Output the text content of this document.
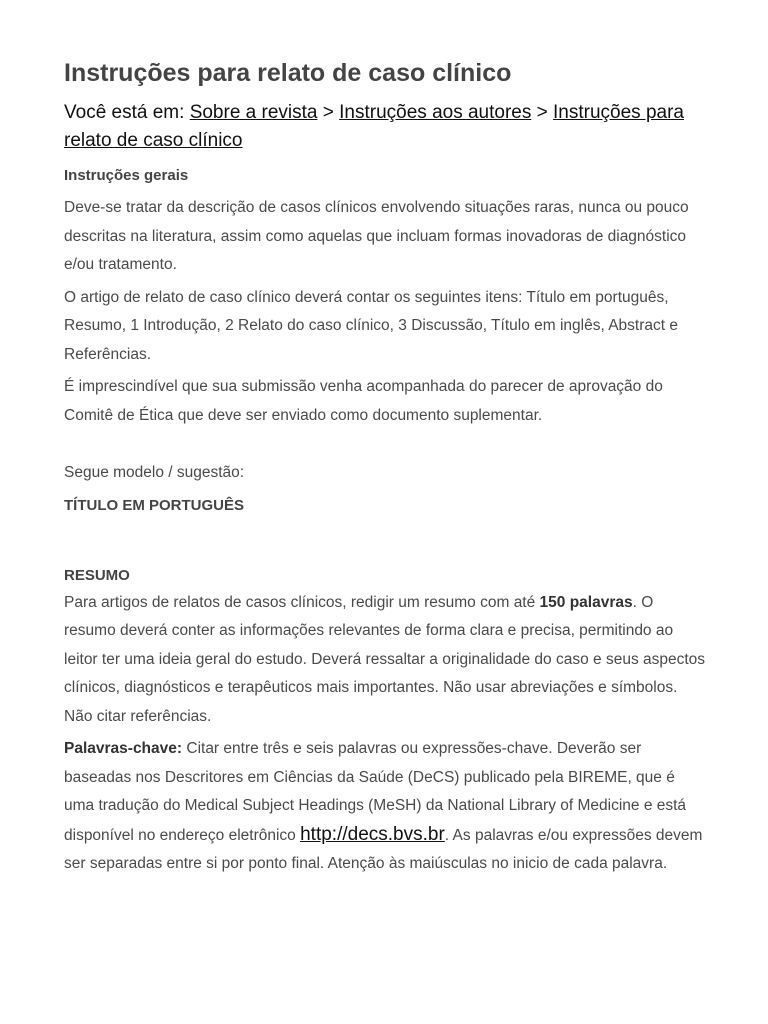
Instruções para relato de caso clínico
Você está em: Sobre a revista > Instruções aos autores > Instruções para relato de caso clínico
Instruções gerais

Deve-se tratar da descrição de casos clínicos envolvendo situações raras, nunca ou pouco descritas na literatura, assim como aquelas que incluam formas inovadoras de diagnóstico e/ou tratamento.

O artigo de relato de caso clínico deverá contar os seguintes itens: Título em português, Resumo, 1 Introdução, 2 Relato do caso clínico, 3 Discussão, Título em inglês, Abstract e Referências.

É imprescindível que sua submissão venha acompanhada do parecer de aprovação do Comitê de Ética que deve ser enviado como documento suplementar.

Segue modelo / sugestão:

TÍTULO EM PORTUGUÊS
RESUMO

Para artigos de relatos de casos clínicos, redigir um resumo com até 150 palavras. O resumo deverá conter as informações relevantes de forma clara e precisa, permitindo ao leitor ter uma ideia geral do estudo. Deverá ressaltar a originalidade do caso e seus aspectos clínicos, diagnósticos e terapêuticos mais importantes. Não usar abreviações e símbolos. Não citar referências.

Palavras-chave: Citar entre três e seis palavras ou expressões-chave. Deverão ser baseadas nos Descritores em Ciências da Saúde (DeCS) publicado pela BIREME, que é uma tradução do Medical Subject Headings (MeSH) da National Library of Medicine e está disponível no endereço eletrônico http://decs.bvs.br. As palavras e/ou expressões devem ser separadas entre si por ponto final. Atenção às maiúsculas no inicio de cada palavra.
